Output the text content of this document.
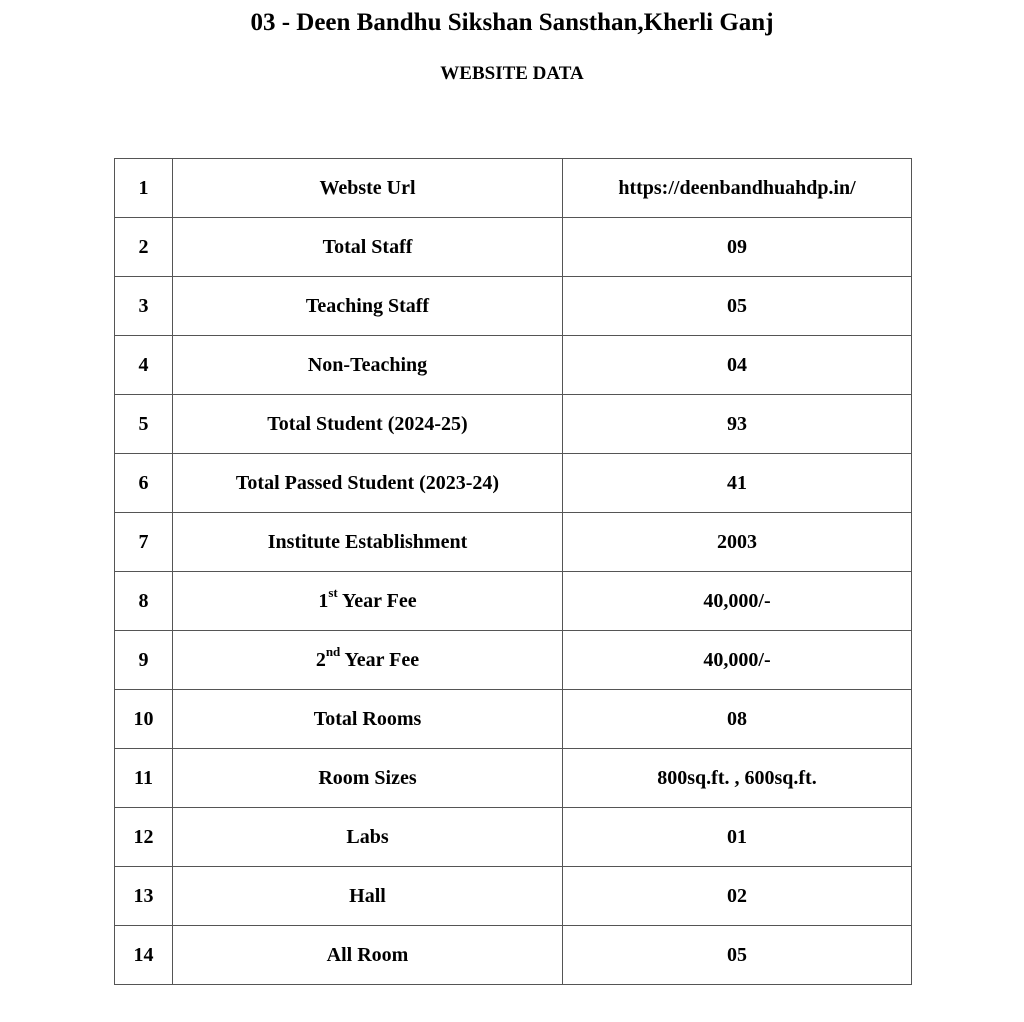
03 - Deen Bandhu Sikshan Sansthan,Kherli Ganj
WEBSITE DATA
1	Webste Url	https://deenbandhuahdp.in/
2	Total Staff	09
3	Teaching Staff	05
4	Non-Teaching	04
5	Total Student (2024-25)	93
6	Total Passed Student (2023-24)	41
7	Institute Establishment	2003
8	1st Year Fee	40,000/-
9	2nd Year Fee	40,000/-
10	Total Rooms	08
11	Room Sizes	800sq.ft. , 600sq.ft.
12	Labs	01
13	Hall	02
14	All Room	05
